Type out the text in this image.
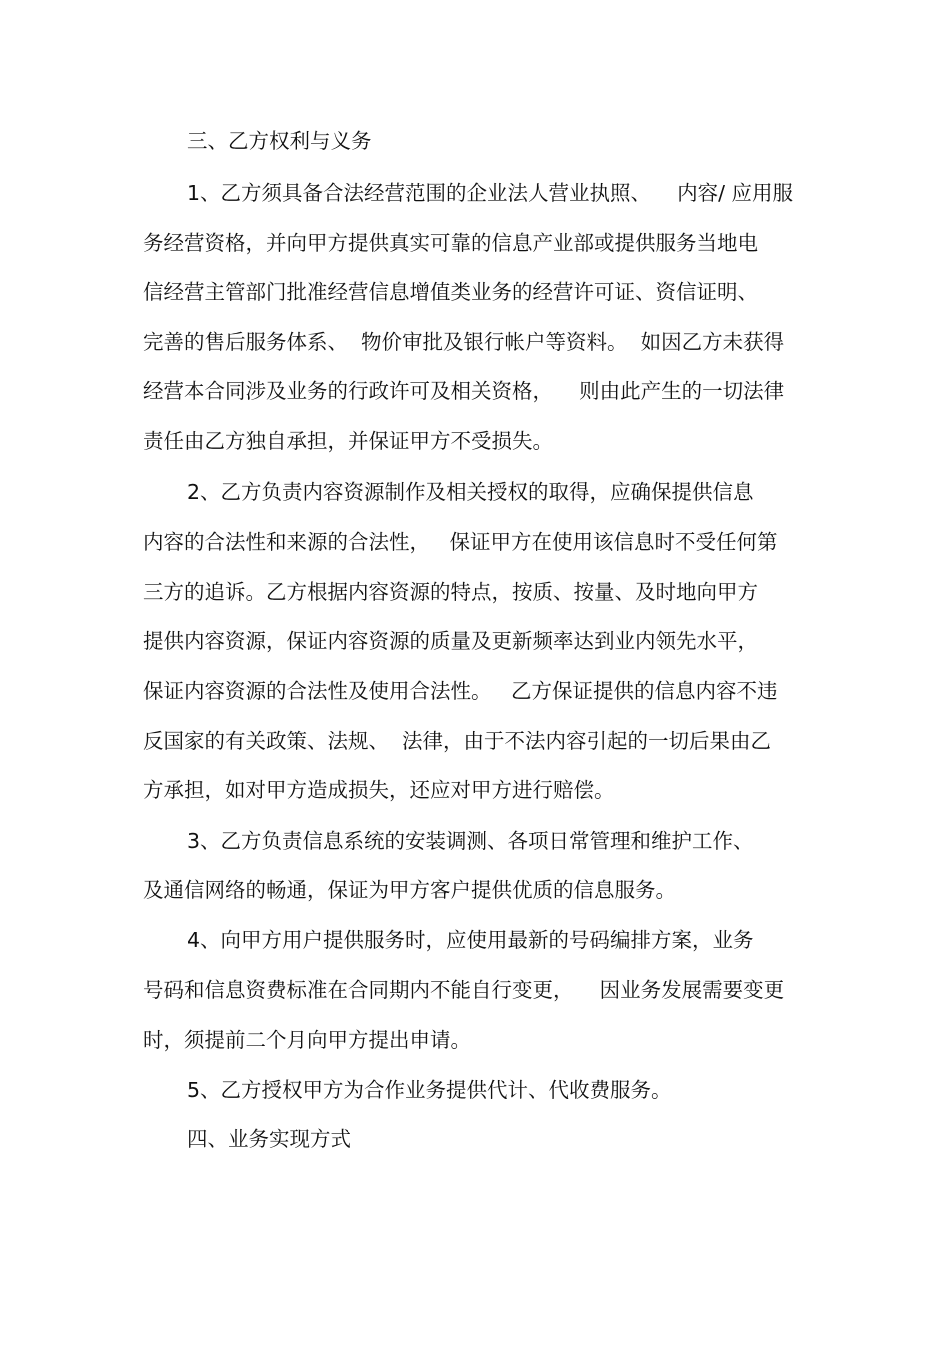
三、乙方权利与义务
1、乙方须具备合法经营范围的企业法人营业执照、    内容/ 应用服
务经营资格，并向甲方提供真实可靠的信息产业部或提供服务当地电
信经营主管部门批准经营信息增值类业务的经营许可证、资信证明、
完善的售后服务体系、  物价审批及银行帐户等资料。  如因乙方未获得
经营本合同涉及业务的行政许可及相关资格，    则由此产生的一切法律
责任由乙方独自承担，并保证甲方不受损失。
2、乙方负责内容资源制作及相关授权的取得，应确保提供信息
内容的合法性和来源的合法性，   保证甲方在使用该信息时不受任何第
三方的追诉。乙方根据内容资源的特点，按质、按量、及时地向甲方
提供内容资源，保证内容资源的质量及更新频率达到业内领先水平，
保证内容资源的合法性及使用合法性。   乙方保证提供的信息内容不违
反国家的有关政策、法规、  法律，由于不法内容引起的一切后果由乙
方承担，如对甲方造成损失，还应对甲方进行赔偿。
3、乙方负责信息系统的安装调测、各项日常管理和维护工作、
及通信网络的畅通，保证为甲方客户提供优质的信息服务。
4、向甲方用户提供服务时，应使用最新的号码编排方案，业务
号码和信息资费标准在合同期内不能自行变更，    因业务发展需要变更
时，须提前二个月向甲方提出申请。
5、乙方授权甲方为合作业务提供代计、代收费服务。
四、业务实现方式
